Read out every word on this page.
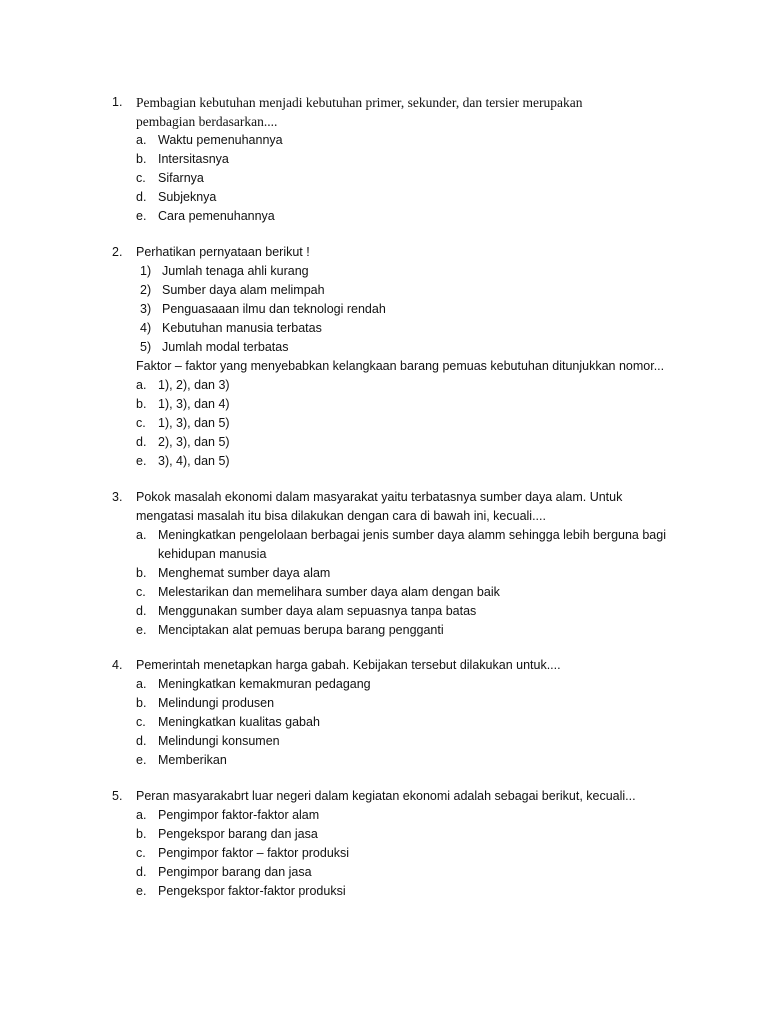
1. Pembagian kebutuhan menjadi kebutuhan primer, sekunder, dan tersier merupakan
pembagian berdasarkan....
a. Waktu pemenuhannya
b. Intersitasnya
c. Sifarnya
d. Subjeknya
e. Cara pemenuhannya
2. Perhatikan pernyataan berikut !
1) Jumlah tenaga ahli kurang
2) Sumber daya alam melimpah
3) Penguasaaan ilmu dan teknologi rendah
4) Kebutuhan manusia terbatas
5) Jumlah modal terbatas
Faktor – faktor yang menyebabkan kelangkaan barang pemuas kebutuhan ditunjukkan nomor...
a. 1), 2), dan 3)
b. 1), 3), dan 4)
c. 1), 3), dan 5)
d. 2), 3), dan 5)
e. 3), 4), dan 5)
3. Pokok masalah ekonomi dalam masyarakat yaitu terbatasnya sumber daya alam. Untuk
mengatasi masalah itu bisa dilakukan dengan cara di bawah ini, kecuali....
a. Meningkatkan pengelolaan berbagai jenis sumber daya alamm sehingga lebih berguna bagi
kehidupan manusia
b. Menghemat sumber daya alam
c. Melestarikan dan memelihara sumber daya alam dengan baik
d. Menggunakan sumber daya alam sepuasnya tanpa batas
e. Menciptakan alat pemuas berupa barang pengganti
4. Pemerintah menetapkan harga gabah. Kebijakan tersebut dilakukan untuk....
a. Meningkatkan kemakmuran pedagang
b. Melindungi produsen
c. Meningkatkan kualitas gabah
d. Melindungi konsumen
e. Memberikan
5. Peran masyarakabrt luar negeri dalam kegiatan ekonomi adalah sebagai berikut, kecuali...
a. Pengimpor faktor-faktor alam
b. Pengekspor barang dan jasa
c. Pengimpor faktor – faktor produksi
d. Pengimpor barang dan jasa
e. Pengekspor faktor-faktor produksi
